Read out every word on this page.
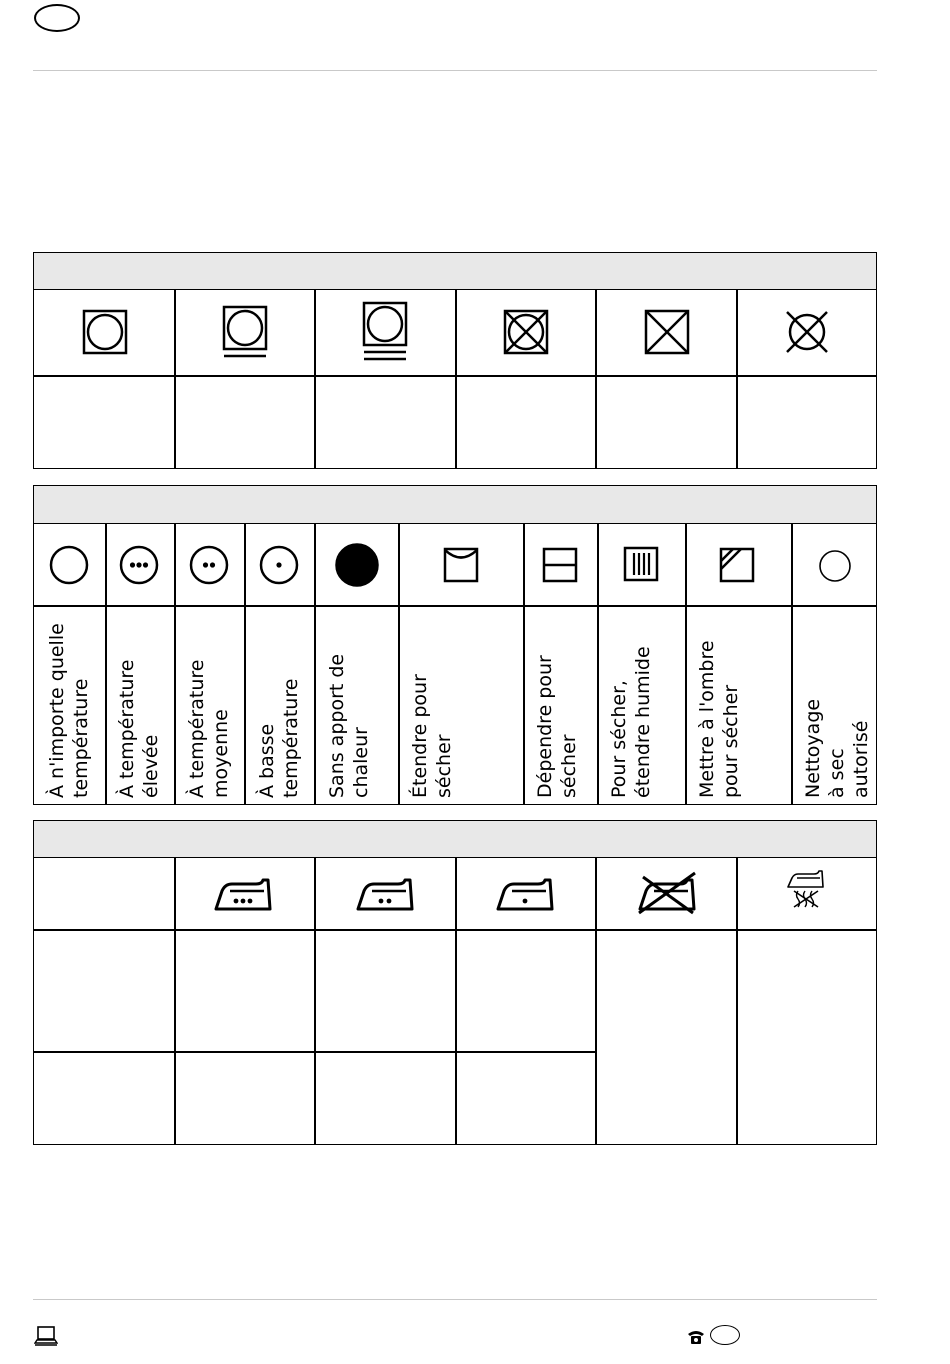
À n'importe quelle
température À température
élevée À température
moyenne À basse
température Sans apport de
chaleur Étendre pour
sécher	Dépendre pour
sécher Pour sécher,
étendre humide
Mettre à l'ombre
pour sécher	Nettoyage à sec
autorisé
